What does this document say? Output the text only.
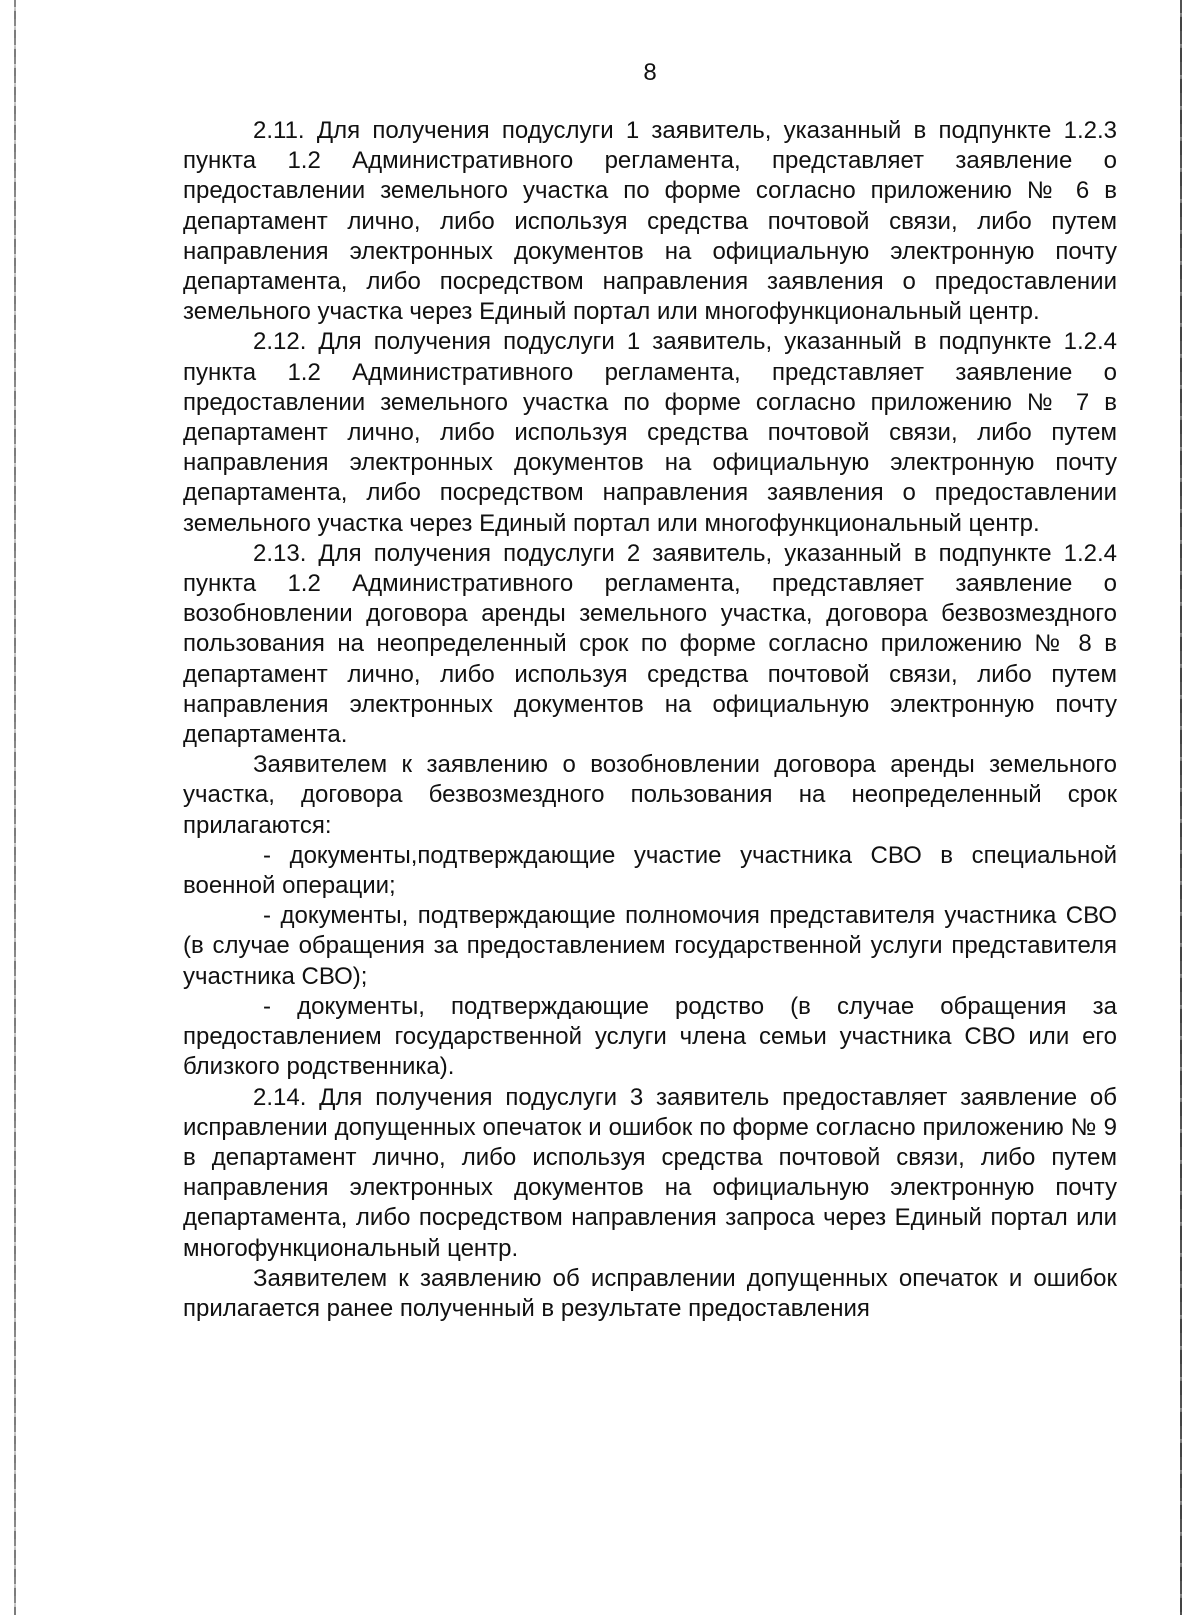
8

2.11. Для получения подуслуги 1 заявитель, указанный в подпункте 1.2.3 пункта 1.2 Административного регламента, представляет заявление о предоставлении земельного участка по форме согласно приложению № 6 в департамент лично, либо используя средства почтовой связи, либо путем направления электронных документов на официальную электронную почту департамента, либо посредством направления заявления о предоставлении земельного участка через Единый портал или многофункциональный центр.

2.12. Для получения подуслуги 1 заявитель, указанный в подпункте 1.2.4 пункта 1.2 Административного регламента, представляет заявление о предоставлении земельного участка по форме согласно приложению № 7 в департамент лично, либо используя средства почтовой связи, либо путем направления электронных документов на официальную электронную почту департамента, либо посредством направления заявления о предоставлении земельного участка через Единый портал или многофункциональный центр.

2.13. Для получения подуслуги 2 заявитель, указанный в подпункте 1.2.4 пункта 1.2 Административного регламента, представляет заявление о возобновлении договора аренды земельного участка, договора безвозмездного пользования на неопределенный срок по форме согласно приложению № 8 в департамент лично, либо используя средства почтовой связи, либо путем направления электронных документов на официальную электронную почту департамента.

Заявителем к заявлению о возобновлении договора аренды земельного участка, договора безвозмездного пользования на неопределенный срок прилагаются:

- документы,подтверждающие участие участника СВО в специальной военной операции;

- документы, подтверждающие полномочия представителя участника СВО (в случае обращения за предоставлением государственной услуги представителя участника СВО);

- документы, подтверждающие родство (в случае обращения за предоставлением государственной услуги члена семьи участника СВО или его близкого родственника).

2.14. Для получения подуслуги 3 заявитель предоставляет заявление об исправлении допущенных опечаток и ошибок по форме согласно приложению № 9 в департамент лично, либо используя средства почтовой связи, либо путем направления электронных документов на официальную электронную почту департамента, либо посредством направления запроса через Единый портал или многофункциональный центр.

Заявителем к заявлению об исправлении допущенных опечаток и ошибок прилагается ранее полученный в результате предоставления
